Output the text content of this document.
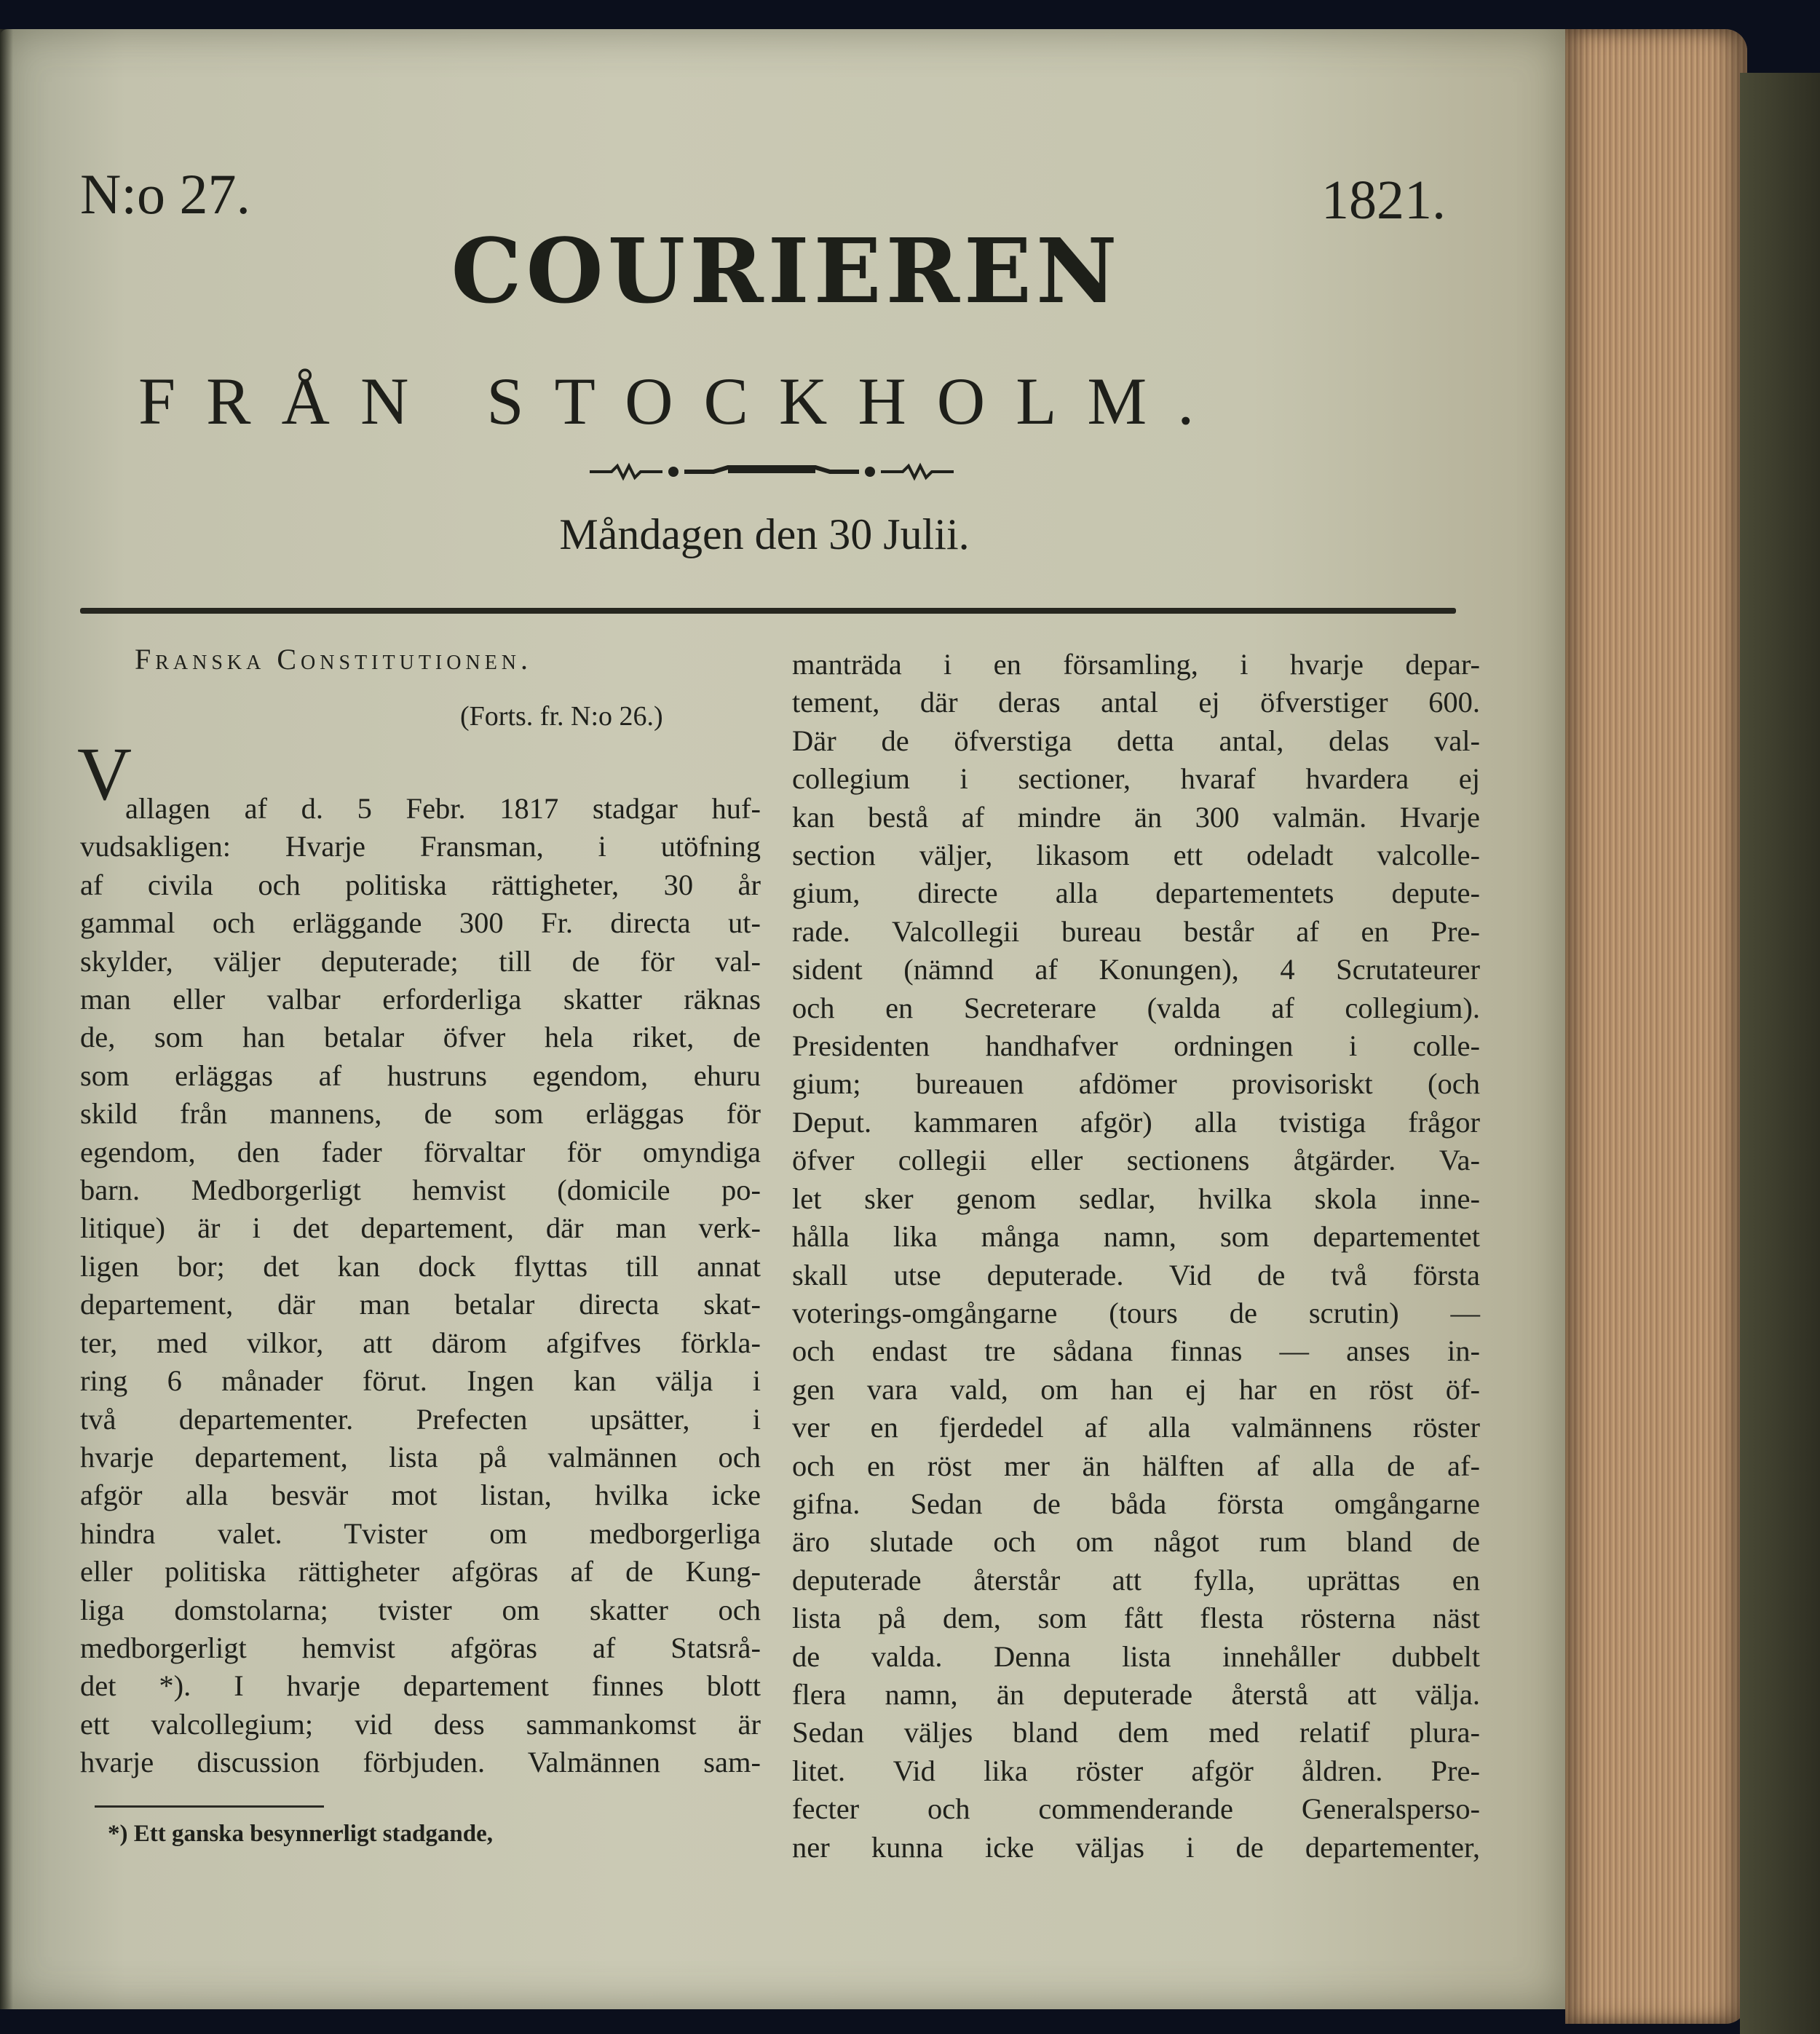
N:o 27.	1821.
COURIEREN
FRÅN STOCKHOLM.
Måndagen den 30 Julii.
Franska Constitutionen.
(Forts. fr. N:o 26.)
V
allagen af d. 5 Febr. 1817 stadgar huf-
vudsakligen: Hvarje Fransman, i utöfning
af civila och politiska rättigheter, 30 år
gammal och erläggande 300 Fr. directa ut-
skylder, väljer deputerade; till de för val-
man eller valbar erforderliga skatter räknas
de, som han betalar öfver hela riket, de
som erläggas af hustruns egendom, ehuru
skild från mannens, de som erläggas för
egendom, den fader förvaltar för omyndiga
barn. Medborgerligt hemvist (domicile po-
litique) är i det departement, där man verk-
ligen bor; det kan dock flyttas till annat
departement, där man betalar directa skat-
ter, med vilkor, att därom afgifves förkla-
ring 6 månader förut. Ingen kan välja i
två departementer. Prefecten upsätter, i
hvarje departement, lista på valmännen och
afgör alla besvär mot listan, hvilka icke
hindra valet. Tvister om medborgerliga
eller politiska rättigheter afgöras af de Kung-
liga domstolarna; tvister om skatter och
medborgerligt hemvist afgöras af Statsrå-
det *). I hvarje departement finnes blott
ett valcollegium; vid dess sammankomst är
hvarje discussion förbjuden. Valmännen sam-
manträda i en församling, i hvarje depar-
tement, där deras antal ej öfverstiger 600.
Där de öfverstiga detta antal, delas val-
collegium i sectioner, hvaraf hvardera ej
kan bestå af mindre än 300 valmän. Hvarje
section väljer, likasom ett odeladt valcolle-
gium, directe alla departementets depute-
rade. Valcollegii bureau består af en Pre-
sident (nämnd af Konungen), 4 Scrutateurer
och en Secreterare (valda af collegium).
Presidenten handhafver ordningen i colle-
gium; bureauen afdömer provisoriskt (och
Deput. kammaren afgör) alla tvistiga frågor
öfver collegii eller sectionens åtgärder. Va-
let sker genom sedlar, hvilka skola inne-
hålla lika många namn, som departementet
skall utse deputerade. Vid de två första
voterings-omgångarne (tours de scrutin) —
och endast tre sådana finnas — anses in-
gen vara vald, om han ej har en röst öf-
ver en fjerdedel af alla valmännens röster
och en röst mer än hälften af alla de af-
gifna. Sedan de båda första omgångarne
äro slutade och om något rum bland de
deputerade återstår att fylla, uprättas en
lista på dem, som fått flesta rösterna näst
de valda. Denna lista innehåller dubbelt
flera namn, än deputerade återstå att välja.
Sedan väljes bland dem med relatif plura-
litet. Vid lika röster afgör åldren. Pre-
fecter och commenderande Generalsperso-
ner kunna icke väljas i de departementer,
*) Ett ganska besynnerligt stadgande,
